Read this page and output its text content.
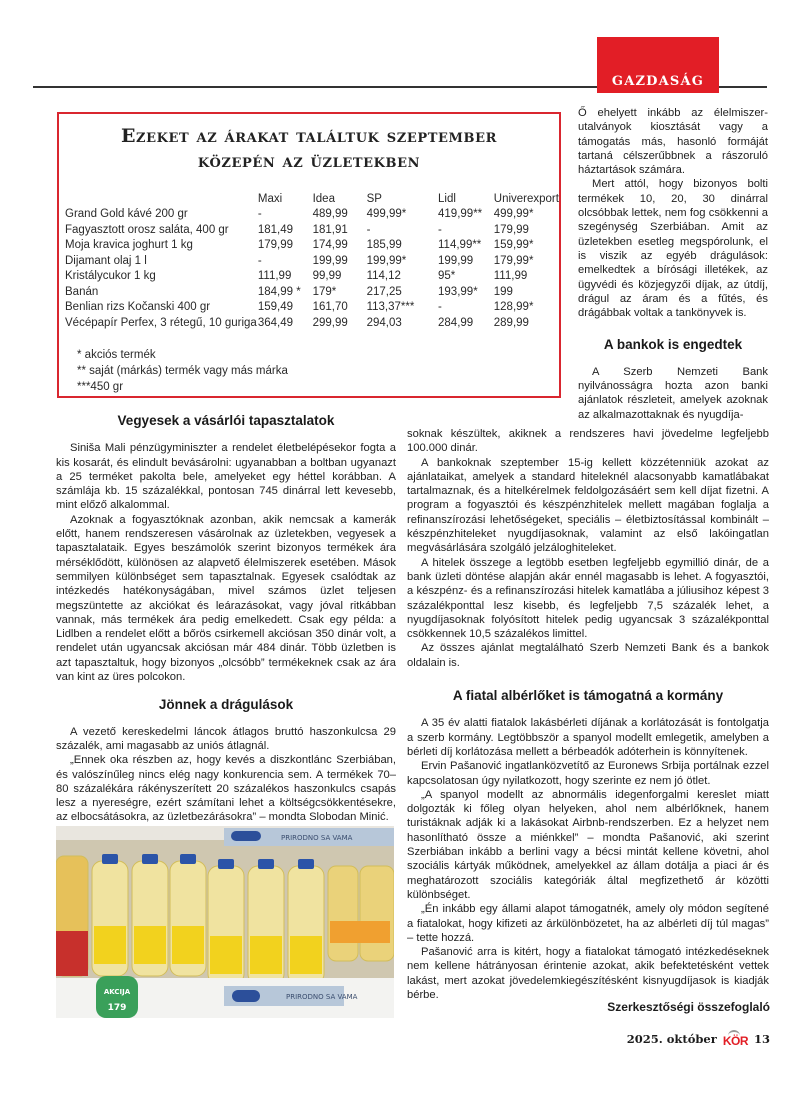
GAZDASÁG
Ezeket az árakat találtuk szeptember
közepén az üzletekben
	Maxi	Idea	SP	Lidl	Univerexport
Grand Gold kávé 200 gr	-	489,99	499,99*	419,99**	499,99*
Fagyasztott orosz saláta, 400 gr	181,49	181,91	-	-	179,99
Moja kravica joghurt 1 kg	179,99	174,99	185,99	114,99**	159,99*
Dijamant olaj 1 l	-	199,99	199,99*	199,99	179,99*
Kristálycukor 1 kg	111,99	99,99	114,12	95*	111,99
Banán	184,99 *	179*	217,25	193,99*	199
Benlian rizs Kočanski 400 gr	159,49	161,70	113,37***	-	128,99*
Vécépapír Perfex, 3 rétegű, 10 guriga	364,49	299,99	294,03	284,99	289,99
* akciós termék
** saját (márkás) termék vagy más márka
***450 gr

Ő ehelyett inkább az élelmiszer-utalványok kiosztását vagy a támogatás más, hasonló formáját tartaná célszerűbbnek a rászoruló háztartások számára.

Mert attól, hogy bizonyos bolti termékek 10, 20, 30 dinárral olcsóbbak lettek, nem fog csökkenni a szegénység Szerbiában. Amit az üzletekben esetleg megspórolunk, el is viszik az egyéb drágulások: emelkedtek a bírósági illetékek, az ügyvédi és közjegyzői díjak, az útdíj, drágul az áram és a fűtés, és drágábbak voltak a tankönyvek is.

A bankok is engedtek

A Szerb Nemzeti Bank nyilvánosságra hozta azon banki ajánlatok részleteit, amelyek azoknak az alkalmazottaknak és nyugdíja-

Vegyesek a vásárlói tapasztalatok

Siniša Mali pénzügyminiszter a rendelet életbelépésekor fogta a kis kosarát, és elindult bevásárolni: ugyanabban a boltban ugyanazt a 25 terméket pakolta bele, amelyeket egy héttel korábban. A számlája kb. 15 százalékkal, pontosan 745 dinárral lett kevesebb, mint előző alkalommal.

Azoknak a fogyasztóknak azonban, akik nemcsak a kamerák előtt, hanem rendszeresen vásárolnak az üzletekben, vegyesek a tapasztalataik. Egyes beszámolók szerint bizonyos termékek ára mérséklődött, különösen az alapvető élelmiszerek esetében. Mások semmilyen különbséget sem tapasztalnak. Egyesek csalódtak az intézkedés hatékonyságában, mivel számos üzlet teljesen megszüntette az akciókat és leárazásokat, vagy jóval ritkábban vannak, más termékek ára pedig emelkedett. Csak egy példa: a Lidlben a rendelet előtt a bőrös csirkemell akciósan 350 dinár volt, a rendelet után ugyancsak akciósan már 484 dinár. Több üzletben is azt tapasztaltuk, hogy bizonyos „olcsóbb” termékeknek csak az ára van kint az üres polcokon.

Jönnek a drágulások

A vezető kereskedelmi láncok átlagos bruttó haszonkulcsa 29 százalék, ami magasabb az uniós átlagnál.

„Ennek oka részben az, hogy kevés a diszkontlánc Szerbiában, és valószínűleg nincs elég nagy konkurencia sem. A termékek 70–80 százalékára rákényszerített 20 százalékos haszonkulcs csapás lesz a nyereségre, ezért számítani lehet a költségcsökkentésekre, az elbocsátásokra, az üzletbezárásokra” – mondta Slobodan Minić.

AKCIJA
179
PRIRODNO SA VAMA
PRIRODNO SA VAMA

soknak készültek, akiknek a rendszeres havi jövedelme legfeljebb 100.000 dinár.

A bankoknak szeptember 15-ig kellett közzétenniük azokat az ajánlataikat, amelyek a standard hiteleknél alacsonyabb kamatlábakat tartalmaznak, és a hitelkérelmek feldolgozásáért sem kell díjat fizetni. A program a fogyasztói és készpénzhitelek mellett magában foglalja a refinanszírozási lehetőségeket, speciális – életbiztosítással kombinált – készpénzhiteleket nyugdíjasoknak, valamint az első lakóingatlan megvásárlására szolgáló jelzáloghiteleket.

A hitelek összege a legtöbb esetben legfeljebb egymillió dinár, de a bank üzleti döntése alapján akár ennél magasabb is lehet. A fogyasztói, a készpénz- és a refinanszírozási hitelek kamatlába a júliusihoz képest 3 százalékponttal lesz kisebb, és legfeljebb 7,5 százalék lehet, a nyugdíjasoknak folyósított hitelek pedig ugyancsak 3 százalékponttal csökkennek 10,5 százalékos limittel.

Az összes ajánlat megtalálható Szerb Nemzeti Bank és a bankok oldalain is.

A fiatal albérlőket is támogatná a kormány

A 35 év alatti fiatalok lakásbérleti díjának a korlátozását is fontolgatja a szerb kormány. Legtöbbször a spanyol modellt emlegetik, amelyben a bérleti díj korlátozása mellett a bérbeadók adóterhein is könnyítenek.

Ervin Pašanović ingatlanközvetítő az Euronews Srbija portálnak ezzel kapcsolatosan úgy nyilatkozott, hogy szerinte ez nem jó ötlet.

„A spanyol modellt az abnormális idegenforgalmi kereslet miatt dolgozták ki főleg olyan helyeken, ahol nem albérlőknek, hanem turistáknak adják ki a lakásokat Airbnb-rendszerben. Ez a helyzet nem hasonlítható össze a miénkkel” – mondta Pašanović, aki szerint Szerbiában inkább a berlini vagy a bécsi mintát kellene követni, ahol szociális kártyák működnek, amelyekkel az állam dotálja a piaci ár és meghatározott szociális kategóriák által megfizethető ár közötti különbséget.

„Én inkább egy állami alapot támogatnék, amely oly módon segítené a fiatalokat, hogy kifizeti az árkülönbözetet, ha az albérleti díj túl magas” – tette hozzá.

Pašanović arra is kitért, hogy a fiatalokat támogató intézkedéseknek nem kellene hátrányosan érintenie azokat, akik befektetésként vettek lakást, mert azokat jövedelemkiegészítésként kisnyugdíjasok is kiadják bérbe.

Szerkesztőségi összefoglaló
2025. október KÖR 13
